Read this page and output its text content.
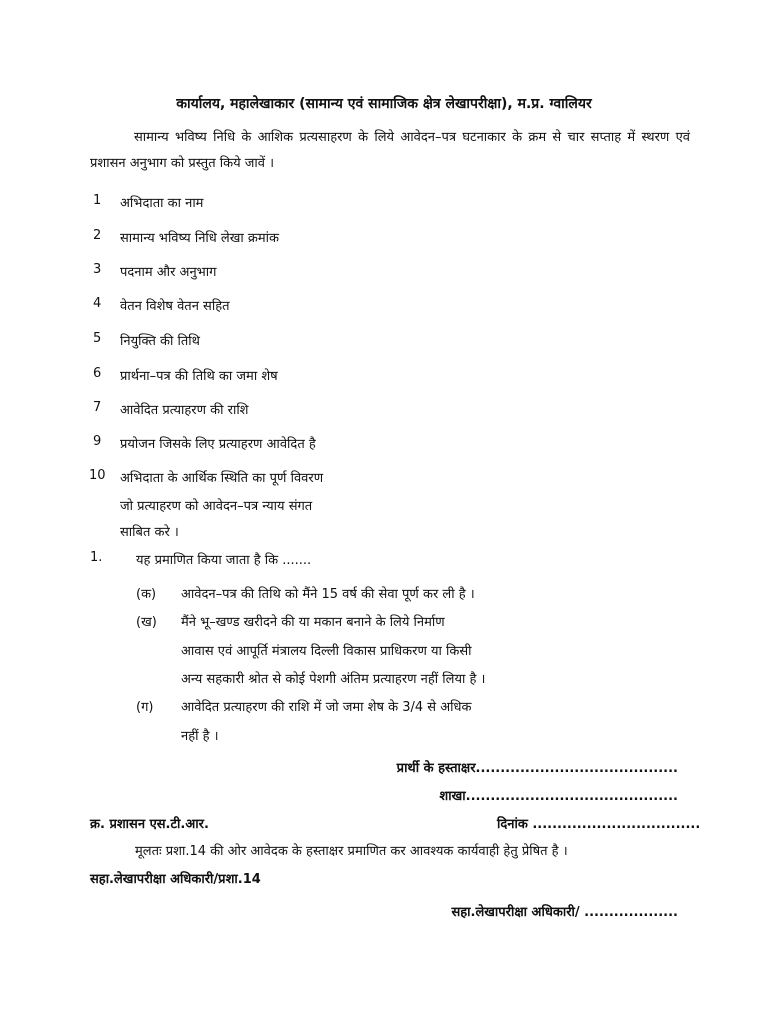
कार्यालय, महालेखाकार (सामान्य एवं सामाजिक क्षेत्र लेखापरीक्षा), म.प्र. ग्वालियर
सामान्य भविष्य निधि के आशिक प्रत्यसाहरण के लिये आवेदन–पत्र घटनाकार के क्रम से चार सप्ताह में स्थरण एवं प्रशासन अनुभाग को प्रस्तुत किये जावें ।
1	अभिदाता का नाम
2	सामान्य भविष्य निधि लेखा क्रमांक
3	पदनाम और अनुभाग
4	वेतन विशेष वेतन सहित
5	नियुक्ति की तिथि
6	प्रार्थना–पत्र की तिथि का जमा शेष
7	आवेदित प्रत्याहरण की राशि
9	प्रयोजन जिसके लिए प्रत्याहरण आवेदित है
10	अभिदाता के आर्थिक स्थिति का पूर्ण विवरण
जो प्रत्याहरण को आवेदन–पत्र न्याय संगत
साबित करे ।
1.	यह प्रमाणित किया जाता है कि .......
(क) आवेदन–पत्र की तिथि को मैंने 15 वर्ष की सेवा पूर्ण कर ली है ।
(ख) मैंने भू–खण्ड खरीदने की या मकान बनाने के लिये निर्माण
आवास एवं आपूर्ति मंत्रालय दिल्ली विकास प्राधिकरण या किसी
अन्य सहकारी श्रोत से कोई पेशगी अंतिम प्रत्याहरण नहीं लिया है ।
(ग) आवेदित प्रत्याहरण की राशि में जो जमा शेष के 3/4 से अधिक
नहीं है ।
प्रार्थी के हस्ताक्षर.........................................
शाखा...........................................
क्र. प्रशासन एस.टी.आर.	दिनांक ..................................
मूलतः प्रशा.14 की ओर आवेदक के हस्ताक्षर प्रमाणित कर आवश्यक कार्यवाही हेतु प्रेषित है ।
सहा.लेखापरीक्षा अधिकारी/प्रशा.14
सहा.लेखापरीक्षा अधिकारी/ ...................
